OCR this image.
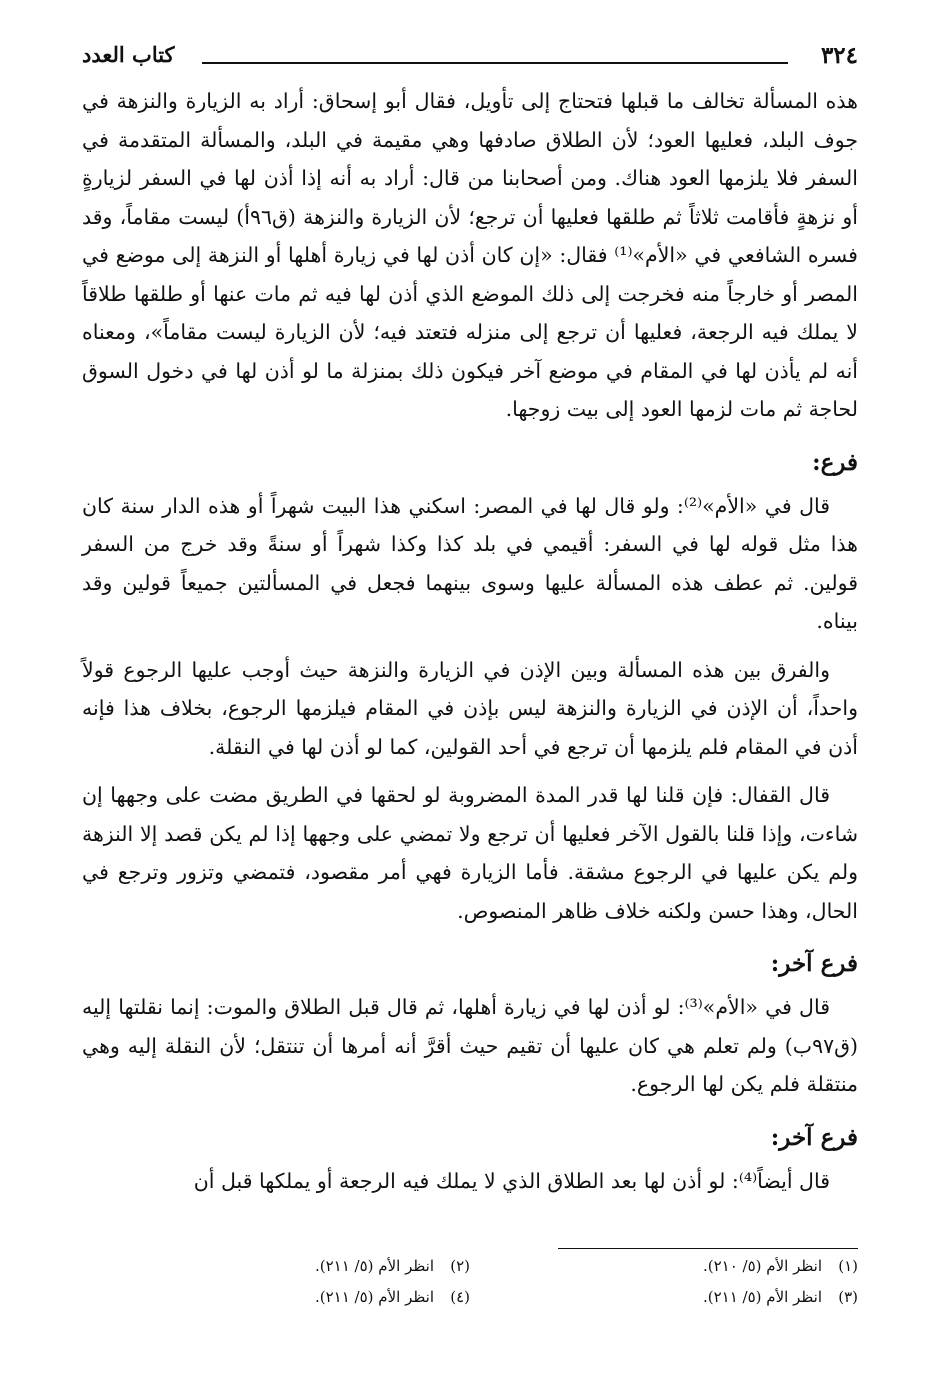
٣٢٤
كتاب العدد

هذه المسألة تخالف ما قبلها فتحتاج إلى تأويل، فقال أبو إسحاق: أراد به الزيارة والنزهة في جوف البلد، فعليها العود؛ لأن الطلاق صادفها وهي مقيمة في البلد، والمسألة المتقدمة في السفر فلا يلزمها العود هناك. ومن أصحابنا من قال: أراد به أنه إذا أذن لها في السفر لزيارةٍ أو نزهةٍ فأقامت ثلاثاً ثم طلقها فعليها أن ترجع؛ لأن الزيارة والنزهة (ق٩٦أ) ليست مقاماً، وقد فسره الشافعي في «الأم»⁽¹⁾ فقال: «إن كان أذن لها في زيارة أهلها أو النزهة إلى موضع في المصر أو خارجاً منه فخرجت إلى ذلك الموضع الذي أذن لها فيه ثم مات عنها أو طلقها طلاقاً لا يملك فيه الرجعة، فعليها أن ترجع إلى منزله فتعتد فيه؛ لأن الزيارة ليست مقاماً»، ومعناه أنه لم يأذن لها في المقام في موضع آخر فيكون ذلك بمنزلة ما لو أذن لها في دخول السوق لحاجة ثم مات لزمها العود إلى بيت زوجها.

فرع:

قال في «الأم»⁽²⁾: ولو قال لها في المصر: اسكني هذا البيت شهراً أو هذه الدار سنة كان هذا مثل قوله لها في السفر: أقيمي في بلد كذا وكذا شهراً أو سنةً وقد خرج من السفر قولين. ثم عطف هذه المسألة عليها وسوى بينهما فجعل في المسألتين جميعاً قولين وقد بيناه.

والفرق بين هذه المسألة وبين الإذن في الزيارة والنزهة حيث أوجب عليها الرجوع قولاً واحداً، أن الإذن في الزيارة والنزهة ليس بإذن في المقام فيلزمها الرجوع، بخلاف هذا فإنه أذن في المقام فلم يلزمها أن ترجع في أحد القولين، كما لو أذن لها في النقلة.

قال القفال: فإن قلنا لها قدر المدة المضروبة لو لحقها في الطريق مضت على وجهها إن شاءت، وإذا قلنا بالقول الآخر فعليها أن ترجع ولا تمضي على وجهها إذا لم يكن قصد إلا النزهة ولم يكن عليها في الرجوع مشقة. فأما الزيارة فهي أمر مقصود، فتمضي وتزور وترجع في الحال، وهذا حسن ولكنه خلاف ظاهر المنصوص.

فرع آخر:

قال في «الأم»⁽³⁾: لو أذن لها في زيارة أهلها، ثم قال قبل الطلاق والموت: إنما نقلتها إليه (ق٩٧ب) ولم تعلم هي كان عليها أن تقيم حيث أقرَّ أنه أمرها أن تنتقل؛ لأن النقلة إليه وهي منتقلة فلم يكن لها الرجوع.

فرع آخر:

قال أيضاً⁽⁴⁾: لو أذن لها بعد الطلاق الذي لا يملك فيه الرجعة أو يملكها قبل أن

(١)انظر الأم (٥/ ٢١٠).
(٢)انظر الأم (٥/ ٢١١).
(٣)انظر الأم (٥/ ٢١١).
(٤)انظر الأم (٥/ ٢١١).
